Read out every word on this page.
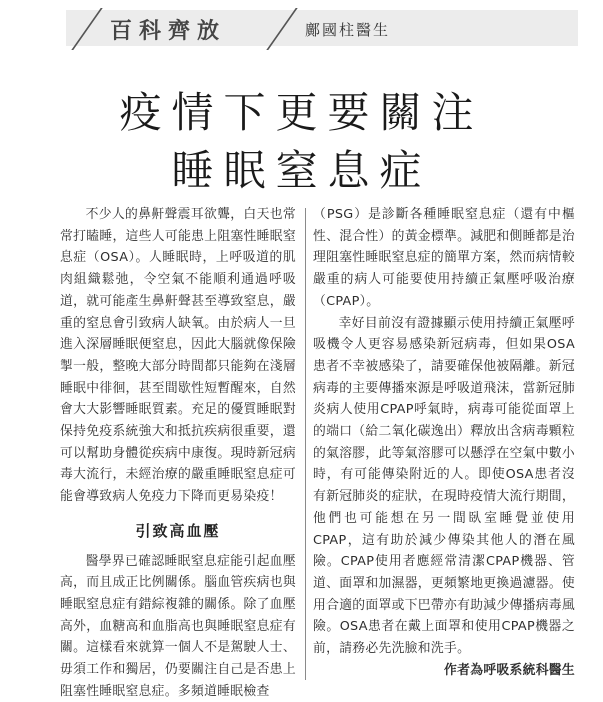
百科齊放	鄺國柱醫生
疫情下更要關注
睡眠窒息症

不少人的鼻鼾聲震耳欲聾，白天也常常打瞌睡，這些人可能患上阻塞性睡眠窒息症（OSA）。人睡眠時，上呼吸道的肌肉組織鬆弛，令空氣不能順利通過呼吸道，就可能產生鼻鼾聲甚至導致窒息，嚴重的窒息會引致病人缺氧。由於病人一旦進入深層睡眠便窒息，因此大腦就像保險掣一般，整晚大部分時間都只能夠在淺層睡眠中徘徊，甚至間歇性短暫醒來，自然會大大影響睡眠質素。充足的優質睡眠對保持免疫系統強大和抵抗疾病很重要，還可以幫助身體從疾病中康復。現時新冠病毒大流行，未經治療的嚴重睡眠窒息症可能會導致病人免疫力下降而更易染疫！

引致高血壓

醫學界已確認睡眠窒息症能引起血壓高，而且成正比例關係。腦血管疾病也與睡眠窒息症有錯綜複雜的關係。除了血壓高外，血糖高和血脂高也與睡眠窒息症有關。這樣看來就算一個人不是駕駛人士、毋須工作和獨居，仍要關注自己是否患上阻塞性睡眠窒息症。多頻道睡眠檢查

（PSG）是診斷各種睡眠窒息症（還有中樞性、混合性）的黃金標準。減肥和側睡都是治理阻塞性睡眠窒息症的簡單方案，然而病情較嚴重的病人可能要使用持續正氣壓呼吸治療（CPAP）。

幸好目前沒有證據顯示使用持續正氣壓呼吸機令人更容易感染新冠病毒，但如果OSA患者不幸被感染了，請要確保他被隔離。新冠病毒的主要傳播來源是呼吸道飛沫，當新冠肺炎病人使用CPAP呼氣時，病毒可能從面罩上的端口（給二氧化碳逸出）釋放出含病毒顆粒的氣溶膠，此等氣溶膠可以懸浮在空氣中數小時，有可能傳染附近的人。即使OSA患者沒有新冠肺炎的症狀，在現時疫情大流行期間，他們也可能想在另一間臥室睡覺並使用CPAP，這有助於減少傳染其他人的潛在風險。CPAP使用者應經常清潔CPAP機器、管道、面罩和加濕器，更頻繁地更換過濾器。使用合適的面罩或下巴帶亦有助減少傳播病毒風險。OSA患者在戴上面罩和使用CPAP機器之前，請務必先洗臉和洗手。
作者為呼吸系統科醫生
